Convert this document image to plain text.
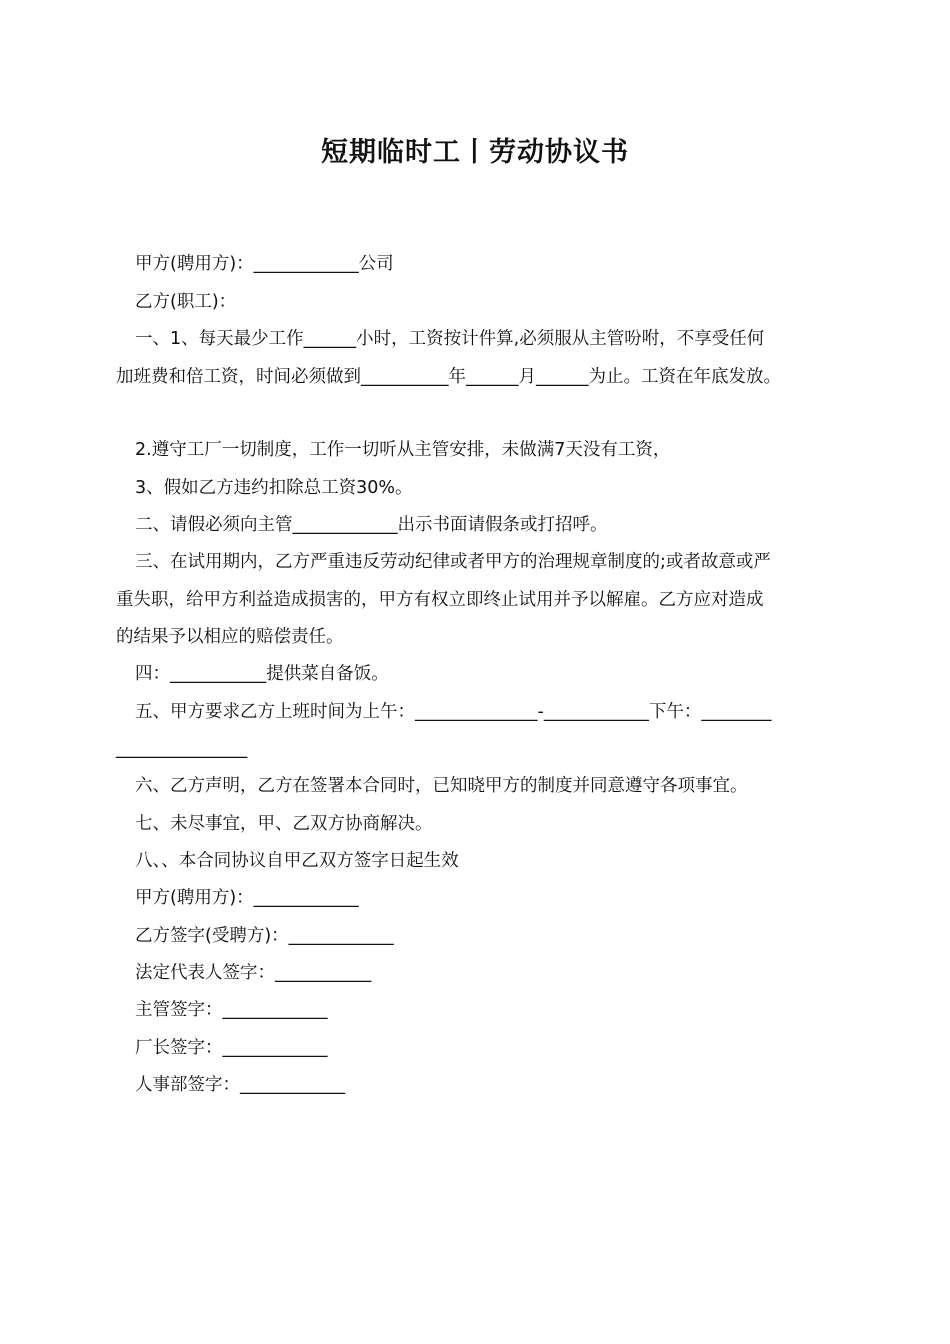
短期临时工丨劳动协议书
甲方(聘用方)：____________公司
乙方(职工)：
一、1、每天最少工作______小时，工资按计件算,必须服从主管吩咐，不享受任何
加班费和倍工资，时间必须做到__________年______月______为止。工资在年底发放。
2.遵守工厂一切制度，工作一切听从主管安排，未做满7天没有工资，
3、假如乙方违约扣除总工资30%。
二、请假必须向主管____________出示书面请假条或打招呼。
三、在试用期内，乙方严重违反劳动纪律或者甲方的治理规章制度的;或者故意或严
重失职，给甲方利益造成损害的，甲方有权立即终止试用并予以解雇。乙方应对造成
的结果予以相应的赔偿责任。
四：___________提供菜自备饭。
五、甲方要求乙方上班时间为上午：______________-____________下午：________
_______________
六、乙方声明，乙方在签署本合同时，已知晓甲方的制度并同意遵守各项事宜。
七、未尽事宜，甲、乙双方协商解决。
八、、本合同协议自甲乙双方签字日起生效
甲方(聘用方)：____________
乙方签字(受聘方)：____________
法定代表人签字：___________
主管签字：____________
厂长签字：____________
人事部签字：____________
